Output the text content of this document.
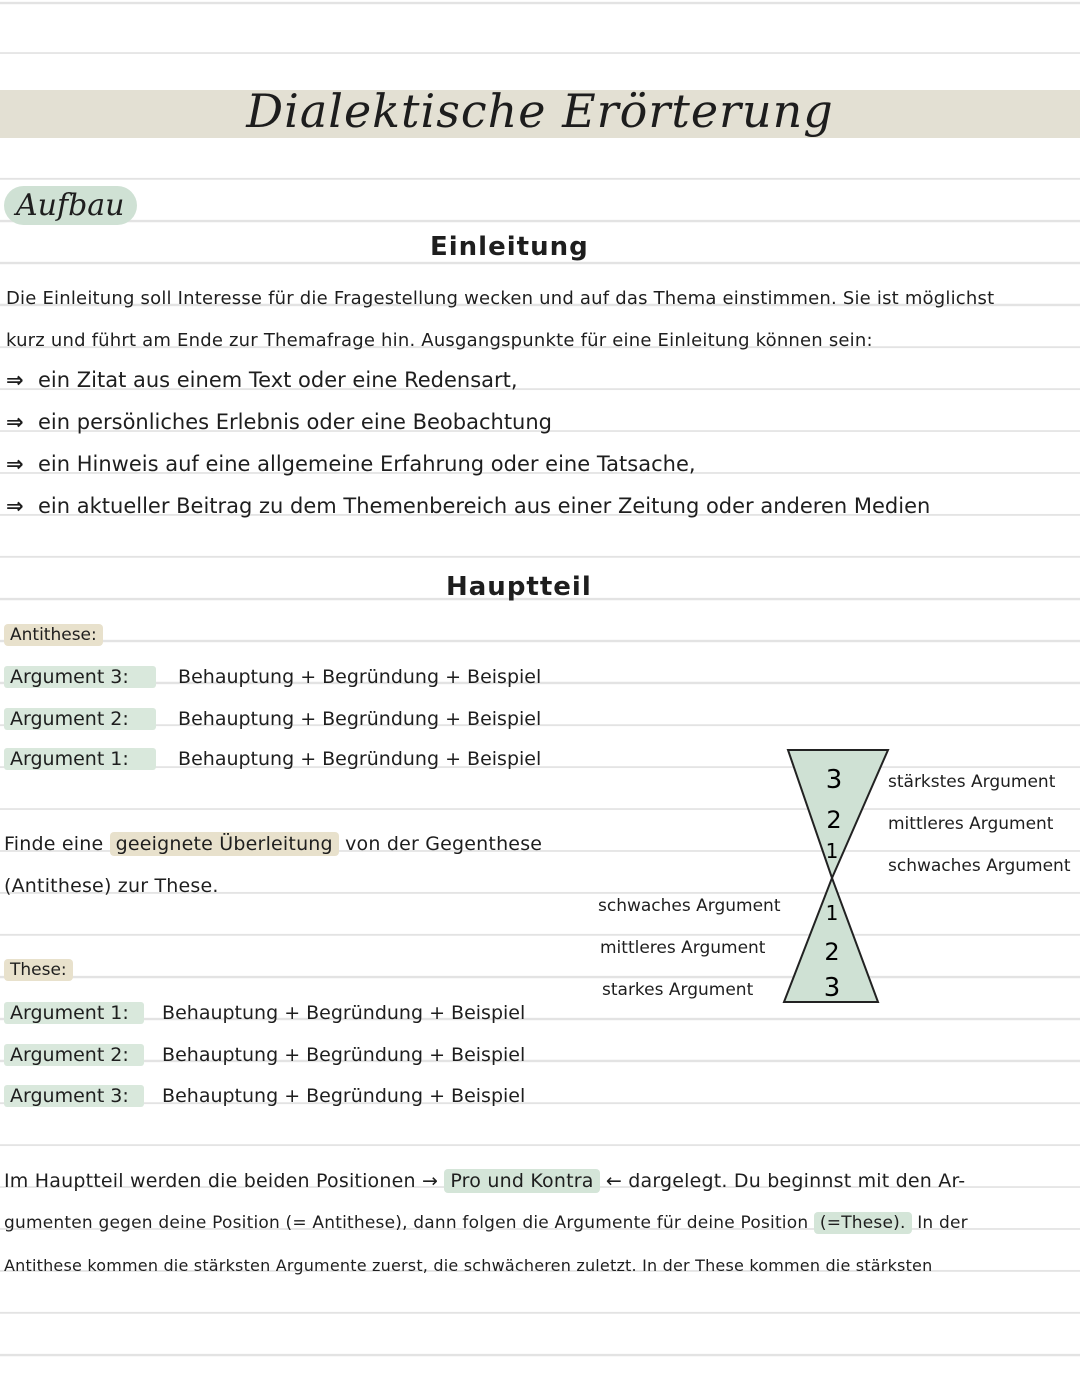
Dialektische Erörterung
Aufbau
Einleitung
Die Einleitung soll Interesse für die Fragestellung wecken und auf das Thema einstimmen. Sie ist möglichst
kurz und führt am Ende zur Themafrage hin. Ausgangspunkte für eine Einleitung können sein:
⇒ ein Zitat aus einem Text oder eine Redensart,
⇒ ein persönliches Erlebnis oder eine Beobachtung
⇒ ein Hinweis auf eine allgemeine Erfahrung oder eine Tatsache,
⇒ ein aktueller Beitrag zu dem Themenbereich aus einer Zeitung oder anderen Medien
Hauptteil
Antithese:
Argument 3:	Behauptung + Begründung + Beispiel
Argument 2:	Behauptung + Begründung + Beispiel
Argument 1:	Behauptung + Begründung + Beispiel
Finde eine geeignete Überleitung von der Gegenthese
(Antithese) zur These.
These:
Argument 1: Behauptung + Begründung + Beispiel
Argument 2: Behauptung + Begründung + Beispiel
Argument 3: Behauptung + Begründung + Beispiel
3
2
1
1
2
3
stärkstes Argument
mittleres Argument
schwaches Argument
schwaches Argument
mittleres Argument
starkes Argument
Im Hauptteil werden die beiden Positionen → Pro und Kontra ← dargelegt. Du beginnst mit den Ar-
gumenten gegen deine Position (= Antithese), dann folgen die Argumente für deine Position (=These). In der
Antithese kommen die stärksten Argumente zuerst, die schwächeren zuletzt. In der These kommen die stärksten
